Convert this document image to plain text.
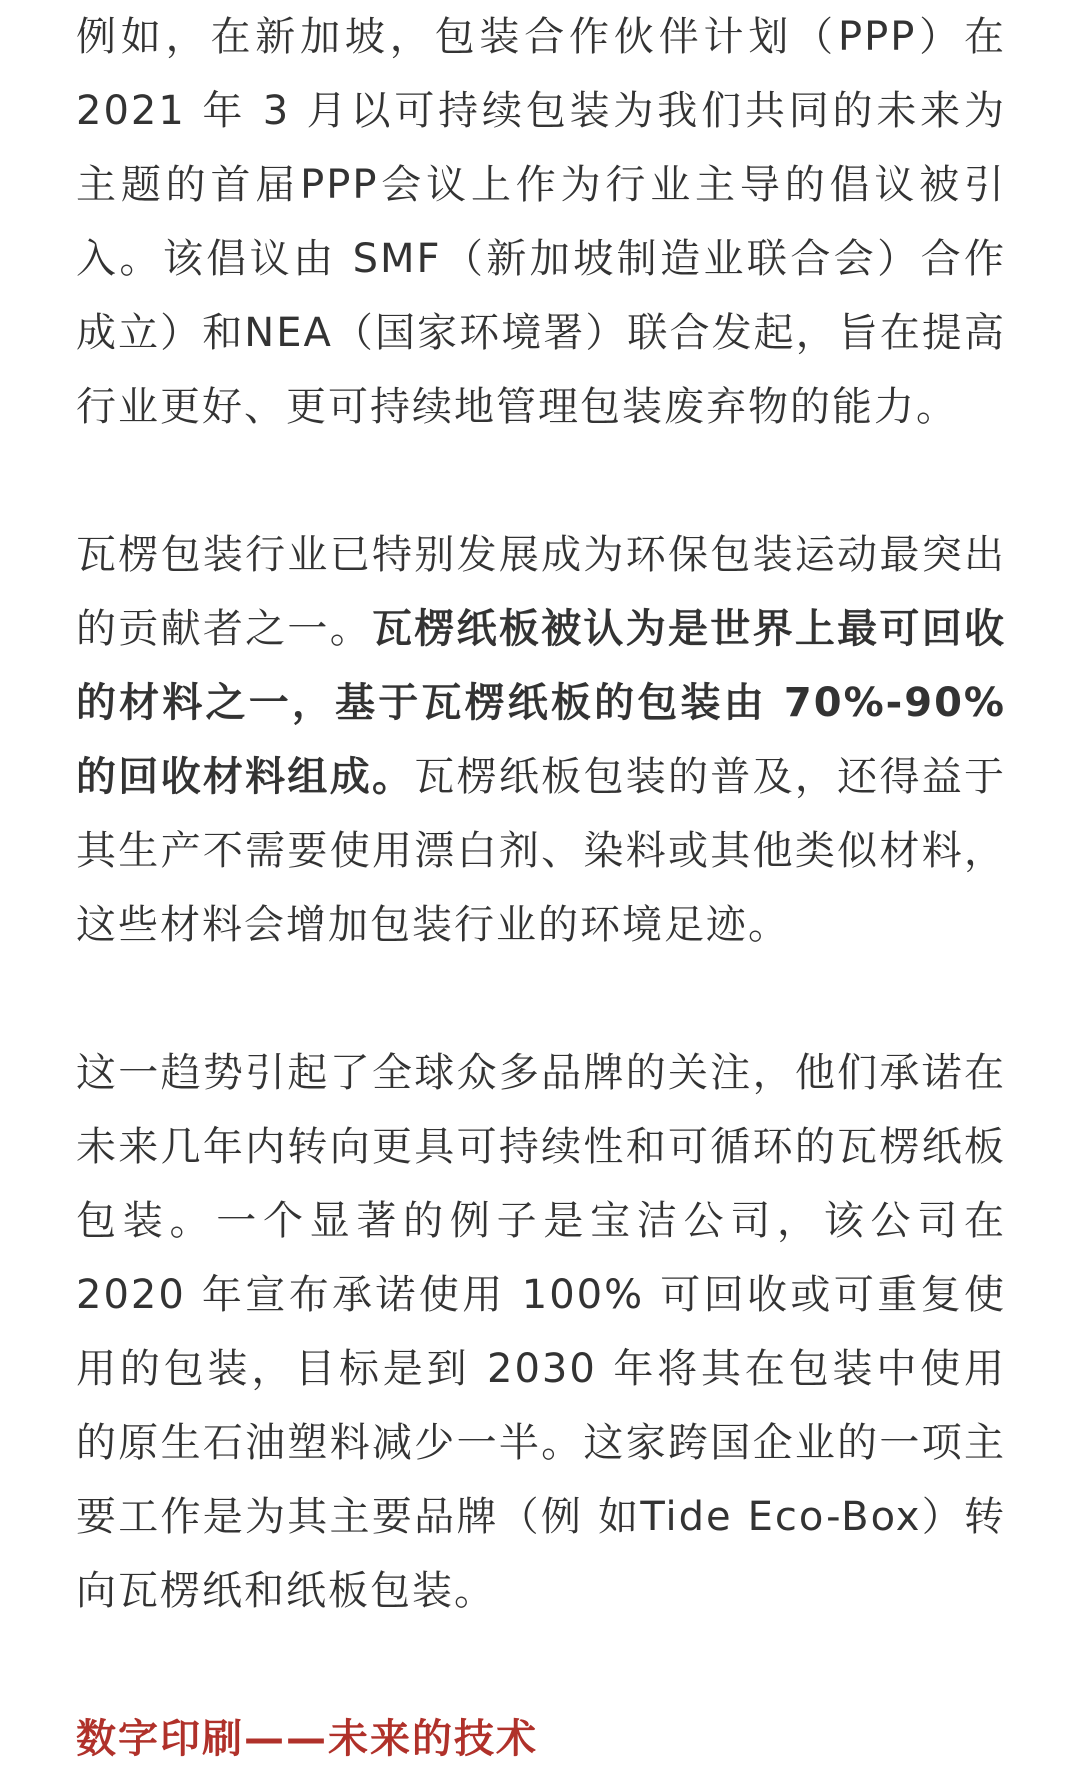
例如，在新加坡，包装合作伙伴计划（PPP）在 2021 年 3 月以可持续包装为我们共同的未来为主题的首届PPP会议上作为行业主导的倡议被引入。该倡议由 SMF（新加坡制造业联合会）合作成立）和NEA（国家环境署）联合发起，旨在提高行业更好、更可持续地管理包装废弃物的能力。

瓦楞包装行业已特别发展成为环保包装运动最突出的贡献者之一。瓦楞纸板被认为是世界上最可回收的材料之一，基于瓦楞纸板的包装由 70%-90% 的回收材料组成。瓦楞纸板包装的普及，还得益于其生产不需要使用漂白剂、染料或其他类似材料，这些材料会增加包装行业的环境足迹。

这一趋势引起了全球众多品牌的关注，他们承诺在未来几年内转向更具可持续性和可循环的瓦楞纸板包装。一个显著的例子是宝洁公司，该公司在 2020 年宣布承诺使用 100% 可回收或可重复使用的包装，目标是到 2030 年将其在包装中使用的原生石油塑料减少一半。这家跨国企业的一项主要工作是为其主要品牌（例 如Tide Eco-Box）转向瓦楞纸和纸板包装。

数字印刷——未来的技术
